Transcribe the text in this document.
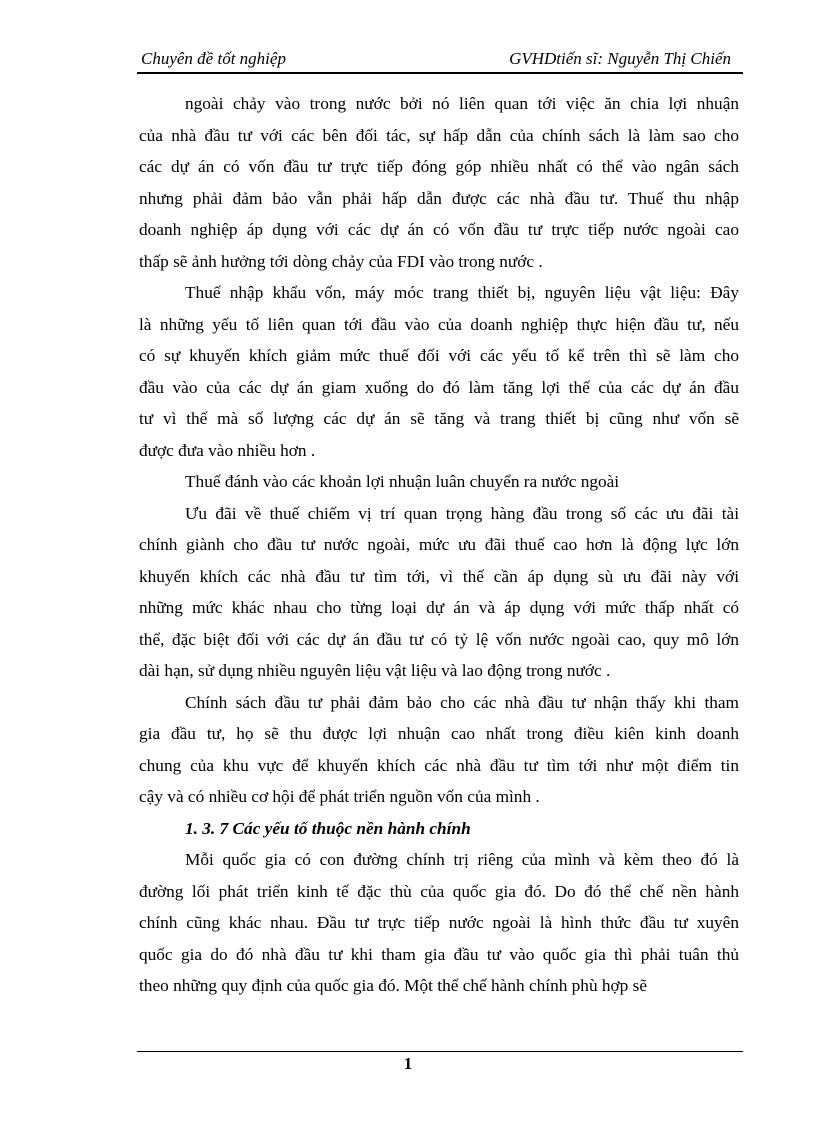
Chuyên đề tốt nghiệp	GVHDtiến sĩ: Nguyễn Thị Chiến
ngoài chảy vào trong nước bởi nó liên quan tới việc ăn chia lợi nhuận
của nhà đầu tư với các bên đối tác, sự hấp dẫn của chính sách là làm sao cho
các dự án có vốn đầu tư trực tiếp đóng góp nhiều nhất có thể vào ngân sách
nhưng phải đảm bảo vẫn phải hấp dẫn được các nhà đầu tư. Thuế thu nhập
doanh nghiệp áp dụng với các dự án có vốn đầu tư trực tiếp nước ngoài cao
thấp sẽ ảnh hưởng tới dòng chảy của FDI vào trong nước .
Thuế nhập khẩu vốn, máy móc trang thiết bị, nguyên liệu vật liệu: Đây
là những yếu tố liên quan tới đầu vào của doanh nghiệp thực hiện đầu tư, nếu
có sự khuyến khích giảm mức thuế đối với các yếu tố kể trên thì sẽ làm cho
đầu vào của các dự án giam xuống do đó làm tăng lợi thế của các dự án đầu
tư vì thế mà số lượng các dự án sẽ tăng và trang thiết bị cũng như vốn sẽ
được đưa vào nhiều hơn .
Thuế đánh vào các khoản lợi nhuận luân chuyển ra nước ngoài
Ưu đãi về thuế chiếm vị trí quan trọng hàng đầu trong số các ưu đãi tài
chính giành cho đầu tư nước ngoài, mức ưu đãi thuế cao hơn là động lực lớn
khuyến khích các nhà đầu tư tìm tới, vì thế cần áp dụng sù ưu đãi này với
những mức khác nhau cho từng loại dự án và áp dụng với mức thấp nhất có
thể, đặc biệt đối với các dự án đầu tư có tỷ lệ vốn nước ngoài cao, quy mô lớn
dài hạn, sử dụng nhiều nguyên liệu vật liệu và lao động trong nước .
Chính sách đầu tư phải đảm bảo cho các nhà đầu tư nhận thấy khi tham
gia đầu tư, họ sẽ thu được lợi nhuận cao nhất trong điều kiên kinh doanh
chung của khu vực để khuyến khích các nhà đầu tư tìm tới như một điểm tin
cậy và có nhiều cơ hội để phát triển nguồn vốn của mình .
1. 3. 7 Các yếu tố thuộc nền hành chính
Mỗi quốc gia có con đường chính trị riêng của mình và kèm theo đó là
đường lối phát triển kinh tế đặc thù của quốc gia đó. Do đó thể chế nền hành
chính cũng khác nhau. Đầu tư trực tiếp nước ngoài là hình thức đầu tư xuyên
quốc gia do đó nhà đầu tư khi tham gia đầu tư vào quốc gia thì phải tuân thủ
theo những quy định của quốc gia đó. Một thể chế hành chính phù hợp sẽ
1
